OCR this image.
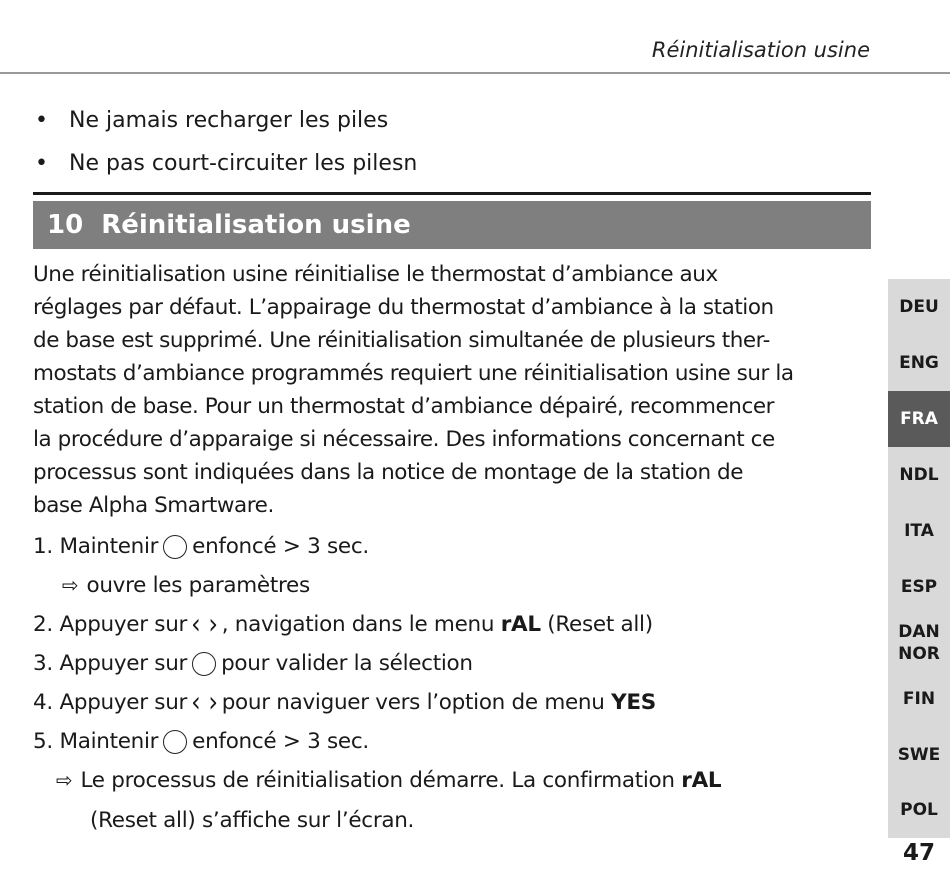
Réinitialisation usine
• Ne jamais recharger les piles
• Ne pas court-circuiter les pilesn
10 Réinitialisation usine
Une réinitialisation usine réinitialise le thermostat d’ambiance aux
réglages par défaut. L’appairage du thermostat d’ambiance à la station
de base est supprimé. Une réinitialisation simultanée de plusieurs ther-
mostats d’ambiance programmés requiert une réinitialisation usine sur la
station de base. Pour un thermostat d’ambiance dépairé, recommencer
la procédure d’apparaige si nécessaire. Des informations concernant ce
processus sont indiquées dans la notice de montage de la station de
base Alpha Smartware.
1. Maintenir enfoncé > 3 sec.
⇨ ouvre les paramètres
2. Appuyer sur ‹ › , navigation dans le menu
rAL
(Reset all)
3. Appuyer sur pour valider la sélection
4. Appuyer sur ‹ › pour naviguer vers l’option de menu
YES
5. Maintenir enfoncé > 3 sec.
⇨ Le processus de réinitialisation démarre. La confirmation
rAL
(Reset all) s’affiche sur l’écran.
DEU
ENG
FRA
NDL
ITA
ESP
DAN
NOR
FIN
SWE
POL
47
